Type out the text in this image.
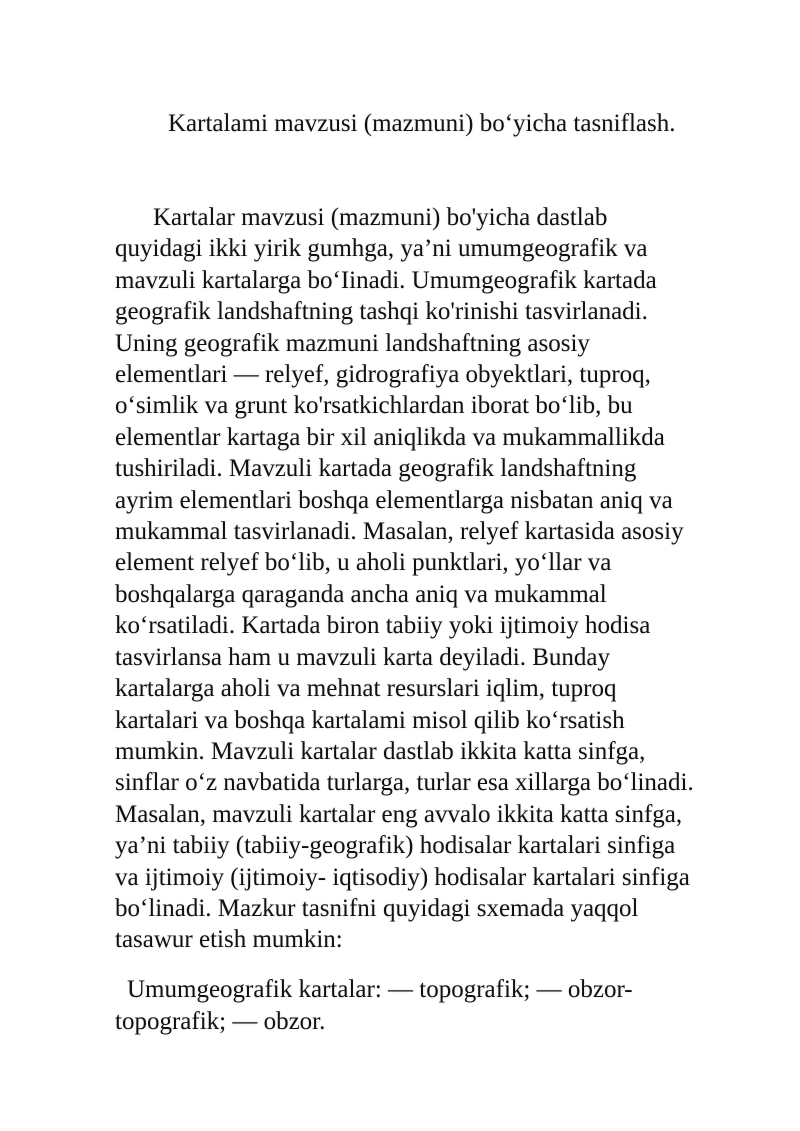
Kartalami mavzusi (mazmuni) bo‘yicha tasniflash.
Kartalar mavzusi (mazmuni) bo'yicha dastlab
quyidagi ikki yirik gumhga, ya’ni umumgeografik va
mavzuli kartalarga bo‘Iinadi. Umumgeografik kartada
geografik landshaftning tashqi ko'rinishi tasvirlanadi.
Uning geografik mazmuni landshaftning asosiy
elementlari — relyef, gidrografiya obyektlari, tuproq,
o‘simlik va grunt ko'rsatkichlardan iborat bo‘lib, bu
elementlar kartaga bir xil aniqlikda va mukammallikda
tushiriladi. Mavzuli kartada geografik landshaftning
ayrim elementlari boshqa elementlarga nisbatan aniq va
mukammal tasvirlanadi. Masalan, relyef kartasida asosiy
element relyef bo‘lib, u aholi punktlari, yo‘llar va
boshqalarga qaraganda ancha aniq va mukammal
ko‘rsatiladi. Kartada biron tabiiy yoki ijtimoiy hodisa
tasvirlansa ham u mavzuli karta deyiladi. Bunday
kartalarga aholi va mehnat resurslari iqlim, tuproq
kartalari va boshqa kartalami misol qilib ko‘rsatish
mumkin. Mavzuli kartalar dastlab ikkita katta sinfga,
sinflar o‘z navbatida turlarga, turlar esa xillarga bo‘linadi.
Masalan, mavzuli kartalar eng avvalo ikkita katta sinfga,
ya’ni tabiiy (tabiiy-geografik) hodisalar kartalari sinfiga
va ijtimoiy (ijtimoiy- iqtisodiy) hodisalar kartalari sinfiga
bo‘linadi. Mazkur tasnifni quyidagi sxemada yaqqol
tasawur etish mumkin:
Umumgeografik kartalar: — topografik; — obzor-
topografik; — obzor.
